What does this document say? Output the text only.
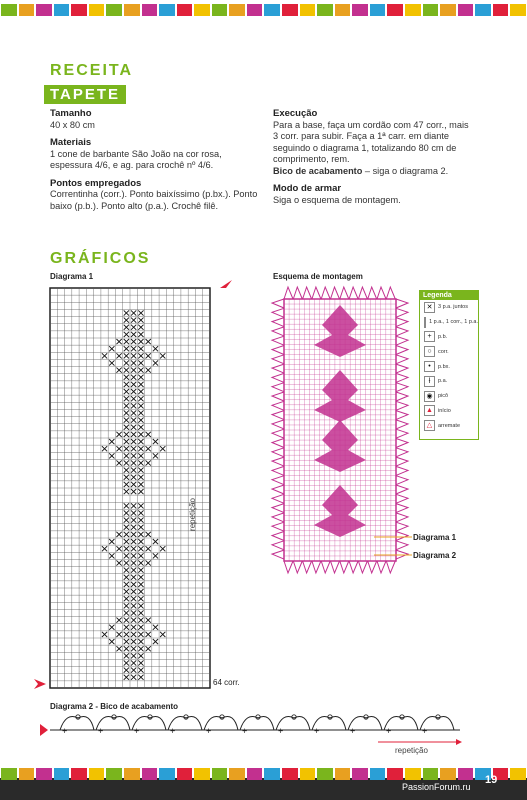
RECEITA
TAPETE
Tamanho

40 x 80 cm

Materiais

1 cone de barbante São João na cor rosa, espessura 4/6, e ag. para crochê nº 4/6.

Pontos empregados

Correntinha (corr.). Ponto baixíssimo (p.bx.). Ponto baixo (p.b.). Ponto alto (p.a.). Crochê filê.

Execução

Para a base, faça um cordão com 47 corr., mais 3 corr. para subir. Faça a 1ª carr. em diante seguindo o diagrama 1, totalizando 80 cm de comprimento, rem.

Bico de acabamento – siga o diagrama 2.

Modo de armar

Siga o esquema de montagem.

GRÁFICOS
Diagrama 1	Esquema de montagem
64 corr.
repetição
Diagrama 1
Diagrama 2
Legenda
✕	3 p.a. juntos
1 p.a., 1 corr., 1 p.a.
+	p.b.
○	corr.
•	p.bx.
ƚ	p.a.
◉ picô
▲ início
△	arremate
Diagrama 2 - Bico de acabamento
+	+	+	+	+	+	+	+	+	+	+
repetição
19
PassionForum.ru
